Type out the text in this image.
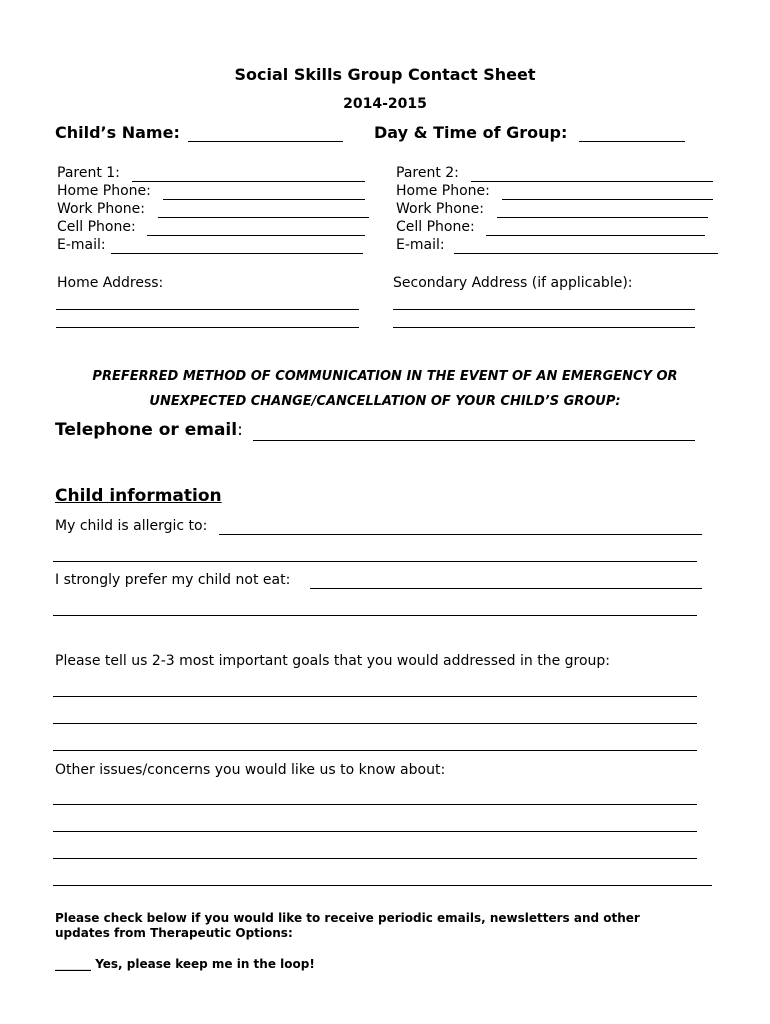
Social Skills Group Contact Sheet
2014-2015
Child’s Name:	Day & Time of Group:
Parent 1:
Home Phone:
Work Phone:
Cell Phone:
E-mail:
Parent 2:
Home Phone:
Work Phone:
Cell Phone:
E-mail:
Home Address:	Secondary Address (if applicable):
PREFERRED METHOD OF COMMUNICATION IN THE EVENT OF AN EMERGENCY OR
UNEXPECTED CHANGE/CANCELLATION OF YOUR CHILD’S GROUP:
Telephone or email:
Child information
My child is allergic to:
I strongly prefer my child not eat:
Please tell us 2-3 most important goals that you would addressed in the group:
Other issues/concerns you would like us to know about:
Please check below if you would like to receive periodic emails, newsletters and other
updates from Therapeutic Options:
______ Yes, please keep me in the loop!
